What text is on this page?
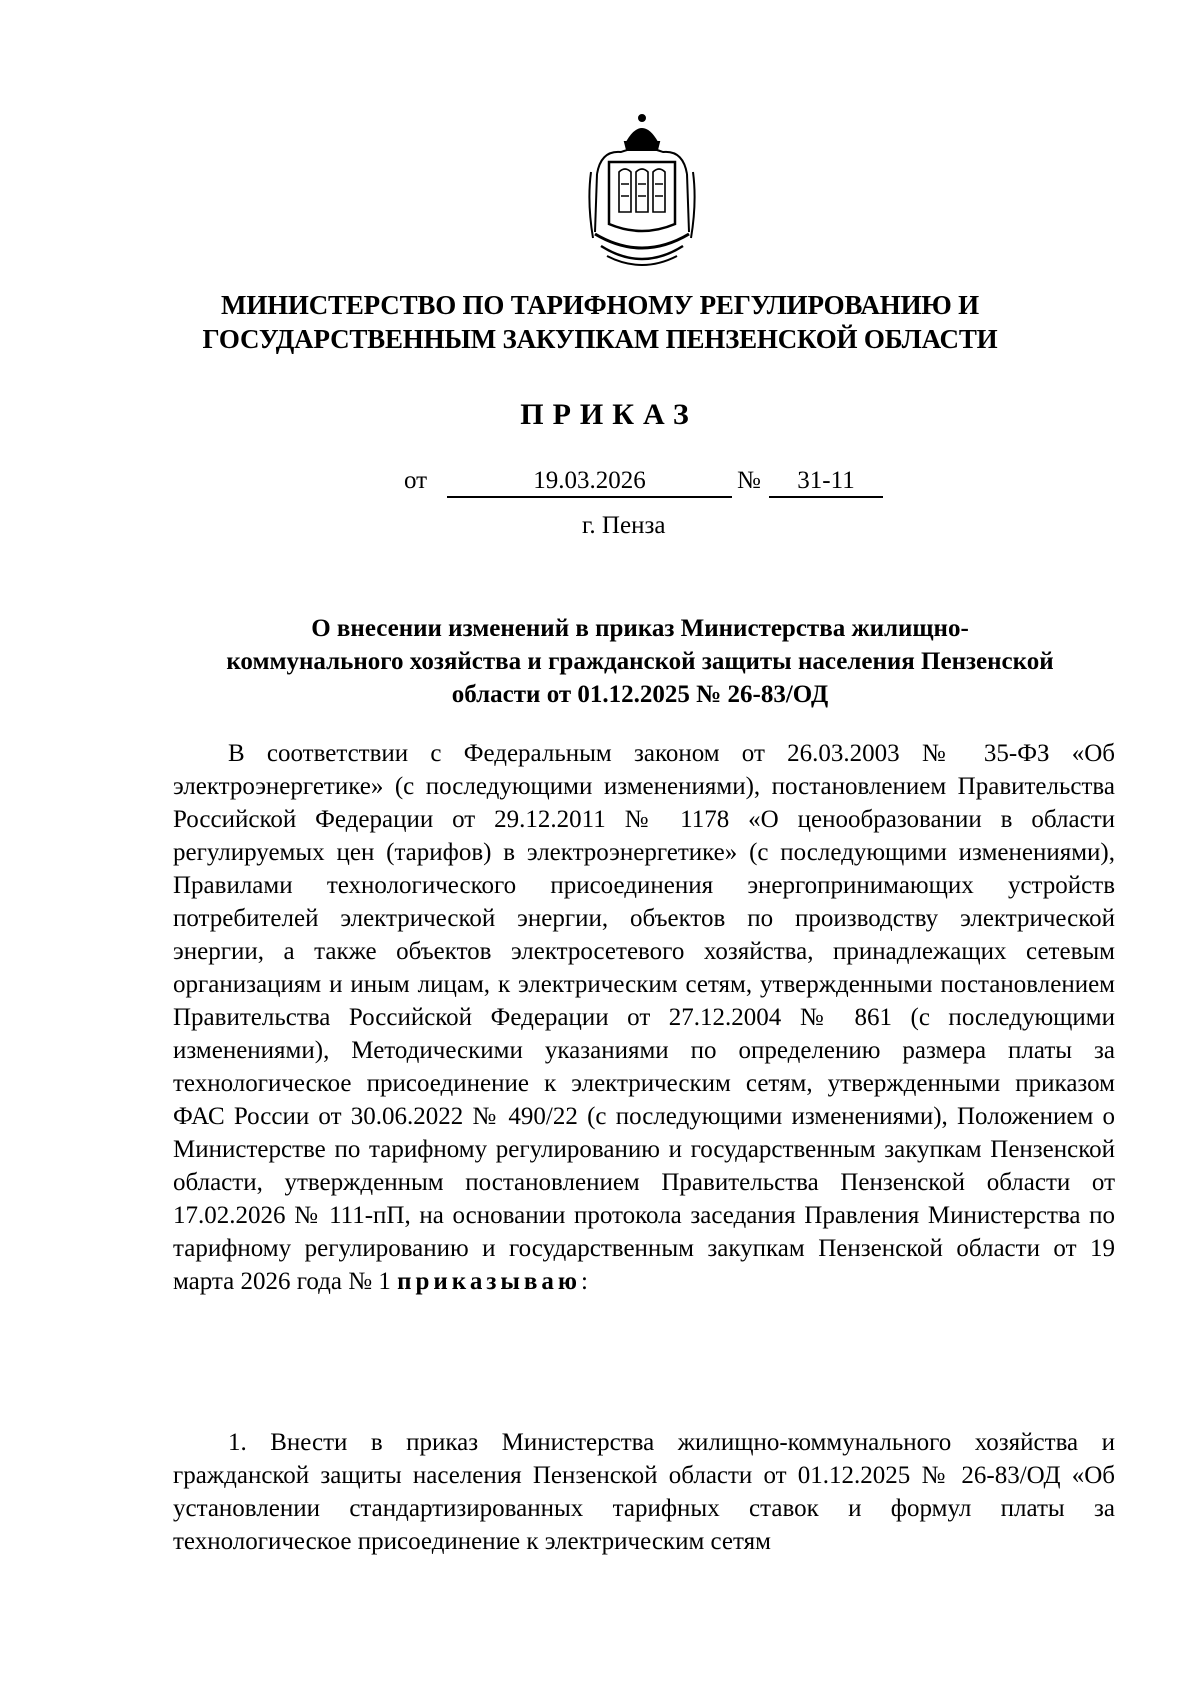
МИНИСТЕРСТВО ПО ТАРИФНОМУ РЕГУЛИРОВАНИЮ И
ГОСУДАРСТВЕННЫМ ЗАКУПКАМ ПЕНЗЕНСКОЙ ОБЛАСТИ
ПРИКАЗ
от	19.03.2026	№	31-11
г. Пенза
О внесении изменений в приказ Министерства жилищно-
коммунального хозяйства и гражданской защиты населения Пензенской
области от 01.12.2025 № 26-83/ОД

В соответствии с Федеральным законом от 26.03.2003 № 35-ФЗ «Об электроэнергетике» (с последующими изменениями), постановлением Правительства Российской Федерации от 29.12.2011 № 1178 «О ценообразовании в области регулируемых цен (тарифов) в электроэнергетике» (с последующими изменениями), Правилами технологического присоединения энергопринимающих устройств потребителей электрической энергии, объектов по производству электрической энергии, а также объектов электросетевого хозяйства, принадлежащих сетевым организациям и иным лицам, к электрическим сетям, утвержденными постановлением Правительства Российской Федерации от 27.12.2004 № 861 (с последующими изменениями), Методическими указаниями по определению размера платы за технологическое присоединение к электрическим сетям, утвержденными приказом ФАС России от 30.06.2022 № 490/22 (с последующими изменениями), Положением о Министерстве по тарифному регулированию и государственным закупкам Пензенской области, утвержденным постановлением Правительства Пензенской области от 17.02.2026 № 111-пП, на основании протокола заседания Правления Министерства по тарифному регулированию и государственным закупкам Пензенской области от 19 марта 2026 года № 1 приказываю:

1. Внести в приказ Министерства жилищно-коммунального хозяйства и гражданской защиты населения Пензенской области от 01.12.2025 № 26-83/ОД «Об установлении стандартизированных тарифных ставок и формул платы за технологическое присоединение к электрическим сетям
